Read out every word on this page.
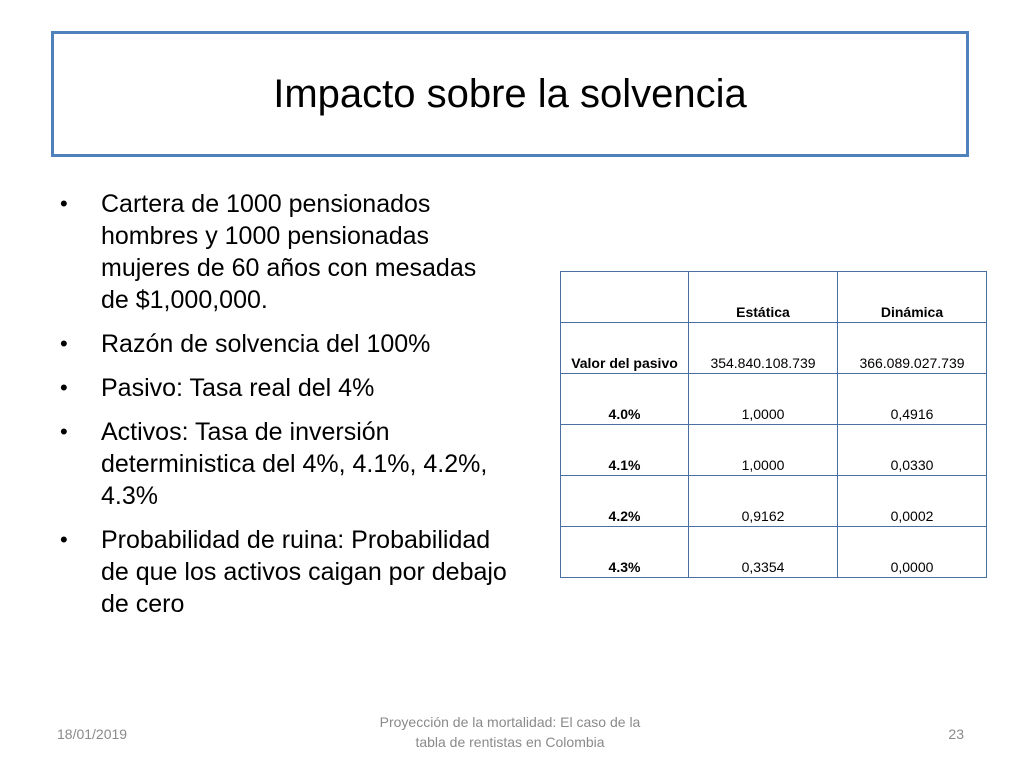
Impacto sobre la solvencia
• Cartera de 1000 pensionados hombres y 1000 pensionadas mujeres de 60 años con mesadas de $1,000,000.
• Razón de solvencia del 100%
• Pasivo: Tasa real del 4%
• Activos: Tasa de inversión deterministica del 4%, 4.1%, 4.2%, 4.3%
• Probabilidad de ruina: Probabilidad de que los activos caigan por debajo de cero
	Estática	Dinámica
Valor del pasivo	354.840.108.739	366.089.027.739
4.0%	1,0000	0,4916
4.1%	1,0000	0,0330
4.2%	0,9162	0,0002
4.3%	0,3354	0,0000
18/01/2019
Proyección de la mortalidad: El caso de la
tabla de rentistas en Colombia	23
